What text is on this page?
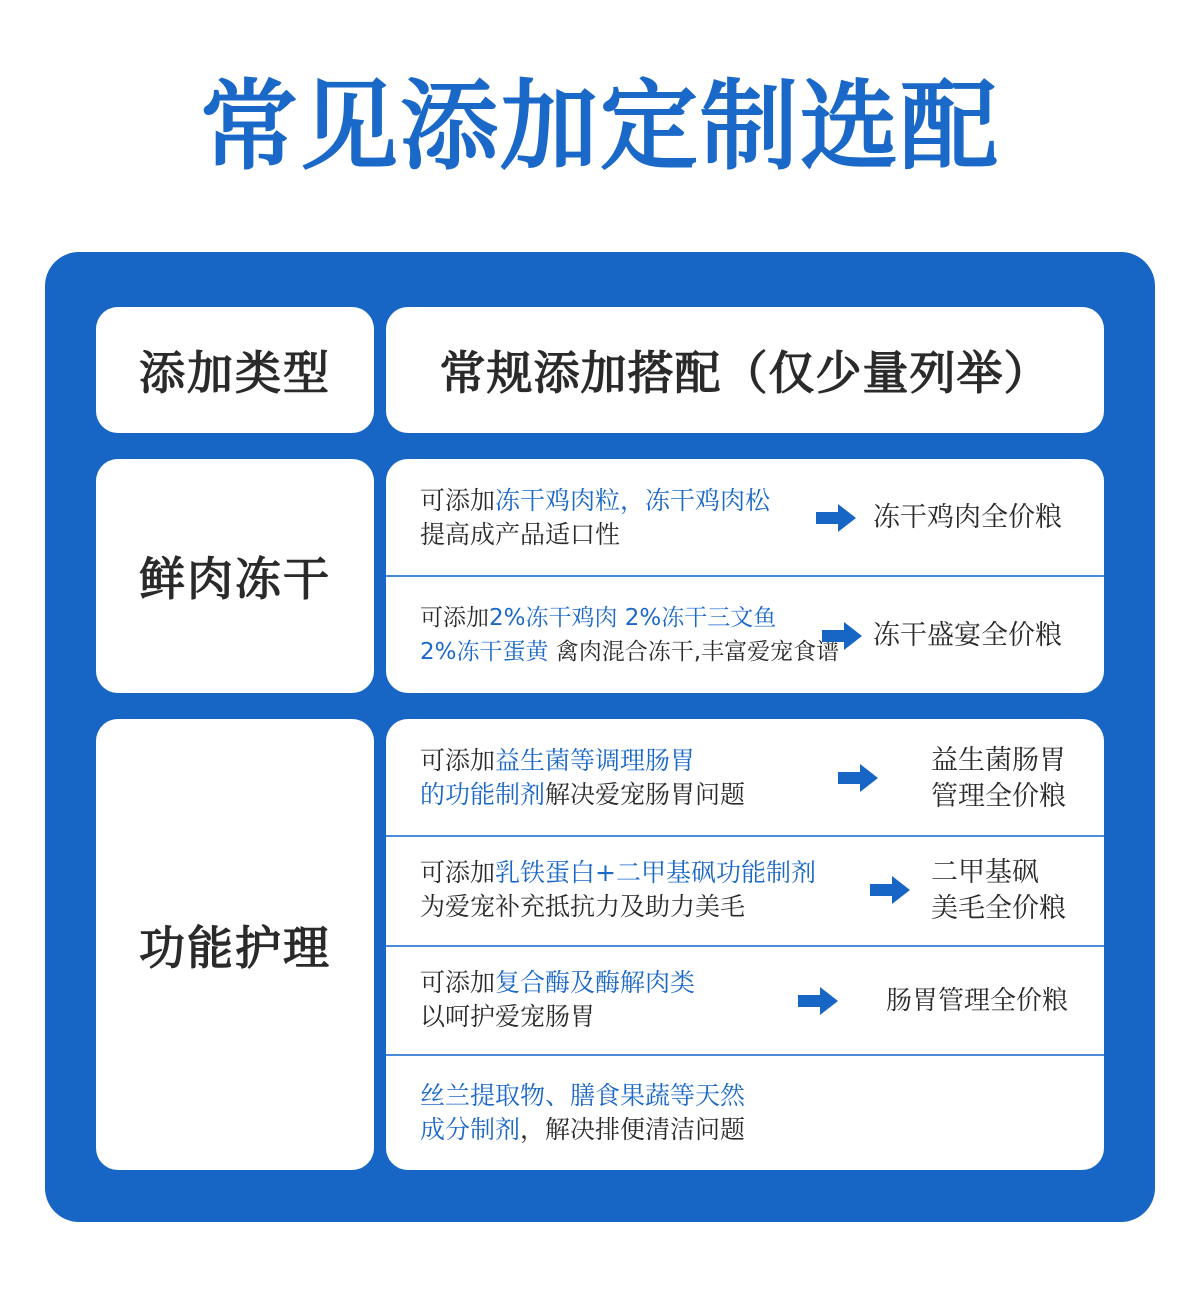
常见添加定制选配
添加类型	常规添加搭配（仅少量列举）
鲜肉冻干
可添加冻干鸡肉粒，冻干鸡肉松
提高成产品适口性
冻干鸡肉全价粮
可添加2%冻干鸡肉 2%冻干三文鱼
2%冻干蛋黄 禽肉混合冻干,丰富爱宠食谱
冻干盛宴全价粮
功能护理
可添加益生菌等调理肠胃
的功能制剂解决爱宠肠胃问题
益生菌肠胃
管理全价粮
可添加乳铁蛋白+二甲基砜功能制剂
为爱宠补充抵抗力及助力美毛
二甲基砜
美毛全价粮
可添加复合酶及酶解肉类
以呵护爱宠肠胃
肠胃管理全价粮
丝兰提取物、膳食果蔬等天然
成分制剂，解决排便清洁问题
